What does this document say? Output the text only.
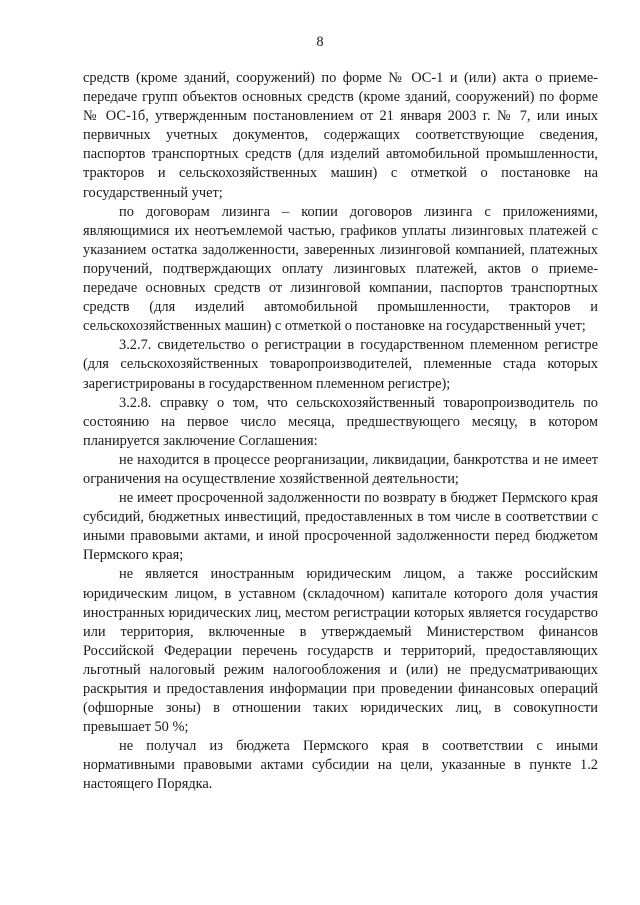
8

средств (кроме зданий, сооружений) по форме № ОС-1 и (или) акта о приеме-передаче групп объектов основных средств (кроме зданий, сооружений) по форме № ОС-1б, утвержденным постановлением от 21 января 2003 г. № 7, или иных первичных учетных документов, содержащих соответствующие сведения, паспортов транспортных средств (для изделий автомобильной промышленности, тракторов и сельскохозяйственных машин) с отметкой о постановке на государственный учет;

по договорам лизинга – копии договоров лизинга с приложениями, являющимися их неотъемлемой частью, графиков уплаты лизинговых платежей с указанием остатка задолженности, заверенных лизинговой компанией, платежных поручений, подтверждающих оплату лизинговых платежей, актов о приеме-передаче основных средств от лизинговой компании, паспортов транспортных средств (для изделий автомобильной промышленности, тракторов и сельскохозяйственных машин) с отметкой о постановке на государственный учет;

3.2.7. свидетельство о регистрации в государственном племенном регистре (для сельскохозяйственных товаропроизводителей, племенные стада которых зарегистрированы в государственном племенном регистре);

3.2.8. справку о том, что сельскохозяйственный товаропроизводитель по состоянию на первое число месяца, предшествующего месяцу, в котором планируется заключение Соглашения:

не находится в процессе реорганизации, ликвидации, банкротства и не имеет ограничения на осуществление хозяйственной деятельности;

не имеет просроченной задолженности по возврату в бюджет Пермского края субсидий, бюджетных инвестиций, предоставленных в том числе в соответствии с иными правовыми актами, и иной просроченной задолженности перед бюджетом Пермского края;

не является иностранным юридическим лицом, а также российским юридическим лицом, в уставном (складочном) капитале которого доля участия иностранных юридических лиц, местом регистрации которых является государство или территория, включенные в утверждаемый Министерством финансов Российской Федерации перечень государств и территорий, предоставляющих льготный налоговый режим налогообложения и (или) не предусматривающих раскрытия и предоставления информации при проведении финансовых операций (офшорные зоны) в отношении таких юридических лиц, в совокупности превышает 50 %;

не получал из бюджета Пермского края в соответствии с иными нормативными правовыми актами субсидии на цели, указанные в пункте 1.2 настоящего Порядка.
